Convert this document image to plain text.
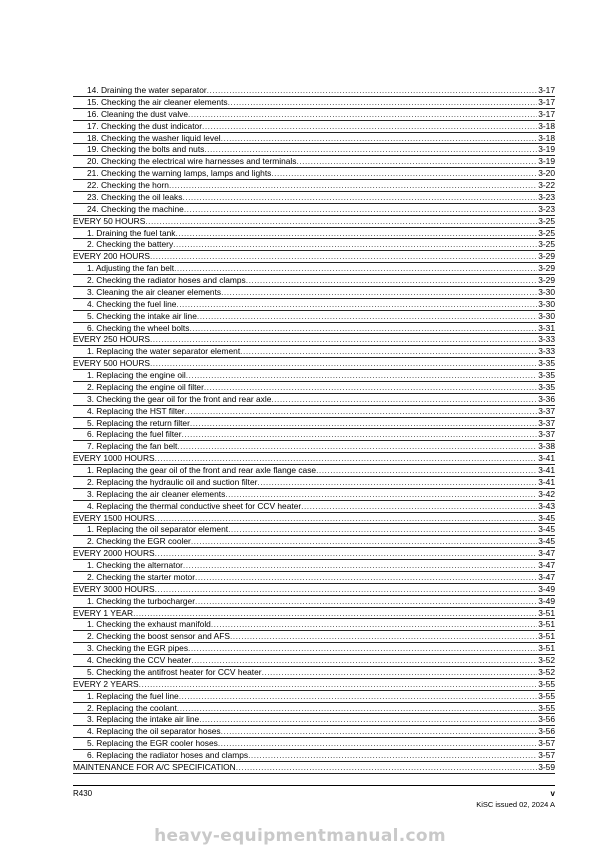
14. Draining the water separator .....	3-17
15. Checking the air cleaner elements .....	3-17
16. Cleaning the dust valve .....	3-17
17. Checking the dust indicator .....	3-18
18. Checking the washer liquid level .....	3-18
19. Checking the bolts and nuts .....	3-19
20. Checking the electrical wire harnesses and terminals .....	3-19
21. Checking the warning lamps, lamps and lights .....	3-20
22. Checking the horn .....	3-22
23. Checking the oil leaks .....	3-23
24. Checking the machine .....	3-23
EVERY 50 HOURS .....	3-25
1. Draining the fuel tank .....	3-25
2. Checking the battery .....	3-25
EVERY 200 HOURS .....	3-29
1. Adjusting the fan belt .....	3-29
2. Checking the radiator hoses and clamps .....	3-29
3. Cleaning the air cleaner elements .....	3-30
4. Checking the fuel line .....	3-30
5. Checking the intake air line .....	3-30
6. Checking the wheel bolts .....	3-31
EVERY 250 HOURS .....	3-33
1. Replacing the water separator element .....	3-33
EVERY 500 HOURS .....	3-35
1. Replacing the engine oil .....	3-35
2. Replacing the engine oil filter .....	3-35
3. Checking the gear oil for the front and rear axle .....	3-36
4. Replacing the HST filter .....	3-37
5. Replacing the return filter .....	3-37
6. Replacing the fuel filter .....	3-37
7. Replacing the fan belt .....	3-38
EVERY 1000 HOURS .....	3-41
1. Replacing the gear oil of the front and rear axle flange case .....	3-41
2. Replacing the hydraulic oil and suction filter .....	3-41
3. Replacing the air cleaner elements .....	3-42
4. Replacing the thermal conductive sheet for CCV heater .....	3-43
EVERY 1500 HOURS .....	3-45
1. Replacing the oil separator element .....	3-45
2. Checking the EGR cooler .....	3-45
EVERY 2000 HOURS .....	3-47
1. Checking the alternator .....	3-47
2. Checking the starter motor .....	3-47
EVERY 3000 HOURS .....	3-49
1. Checking the turbocharger .....	3-49
EVERY 1 YEAR .....	3-51
1. Checking the exhaust manifold .....	3-51
2. Checking the boost sensor and AFS .....	3-51
3. Checking the EGR pipes .....	3-51
4. Checking the CCV heater .....	3-52
5. Checking the antifrost heater for CCV heater .....	3-52
EVERY 2 YEARS .....	3-55
1. Replacing the fuel line .....	3-55
2. Replacing the coolant .....	3-55
3. Replacing the intake air line .....	3-56
4. Replacing the oil separator hoses .....	3-56
5. Replacing the EGR cooler hoses .....	3-57
6. Replacing the radiator hoses and clamps .....	3-57
MAINTENANCE FOR A/C SPECIFICATION .....	3-59
R430	v
KiSC issued 02, 2024 A
heavy-equipmentmanual.com
